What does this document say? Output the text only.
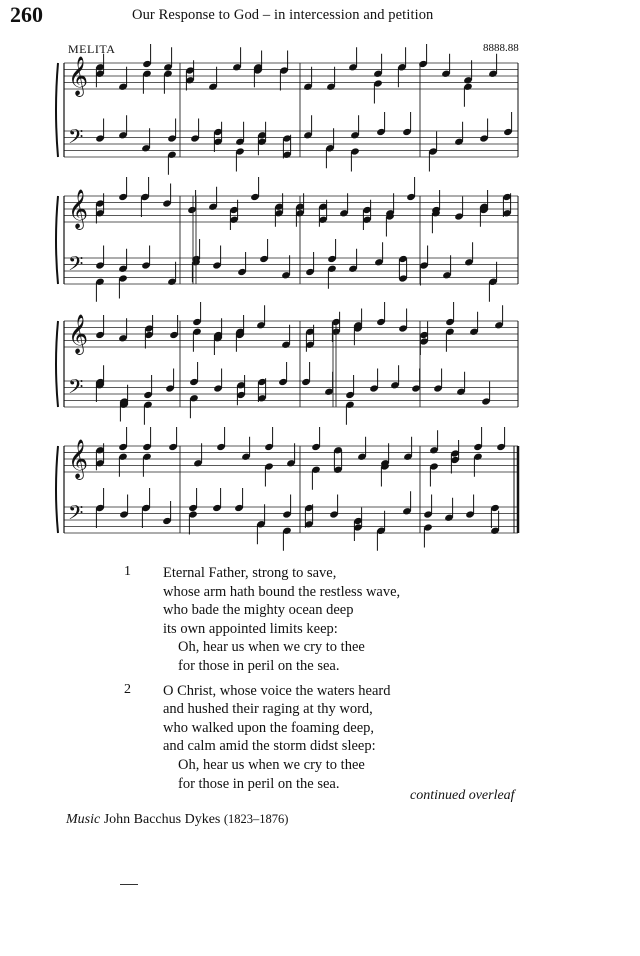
260	Our Response to God – in intercession and petition
MELITA	8888.88
𝄞
𝄢
𝄞
𝄢
𝄞
𝄢
𝄞
𝄢
1 Eternal Father, strong to save,
whose arm hath bound the restless wave,
who bade the mighty ocean deep
its own appointed limits keep:
Oh, hear us when we cry to thee
for those in peril on the sea.
2 O Christ, whose voice the waters heard
and hushed their raging at thy word,
who walked upon the foaming deep,
and calm amid the storm didst sleep:
Oh, hear us when we cry to thee
for those in peril on the sea.
continued overleaf
Music John Bacchus Dykes (1823–1876)
